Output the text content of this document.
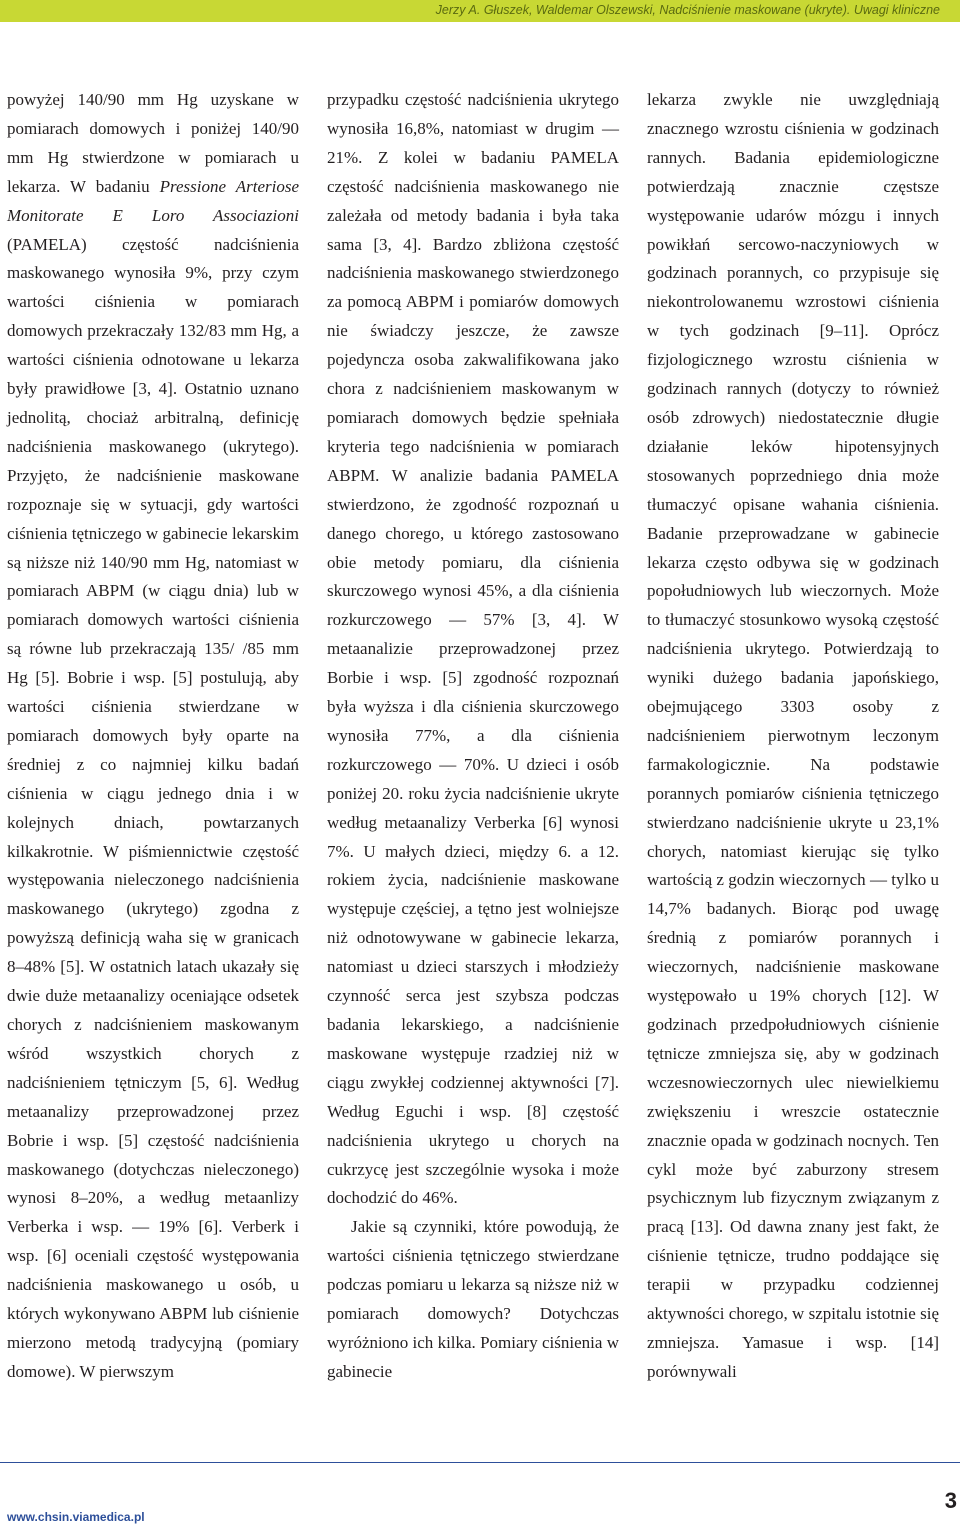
Jerzy A. Głuszek, Waldemar Olszewski, Nadciśnienie maskowane (ukryte). Uwagi kliniczne

powyżej 140/90 mm Hg uzyskane w pomiarach domowych i poniżej 140/90 mm Hg stwierdzone w pomiarach u lekarza. W badaniu Pressione Arteriose Monitorate E Loro Associazioni (PAMELA) częstość nadciśnienia maskowanego wynosiła 9%, przy czym wartości ciśnienia w pomiarach domowych przekraczały 132/83 mm Hg, a wartości ciśnienia odnotowane u lekarza były prawidłowe [3, 4]. Ostatnio uznano jednolitą, chociaż arbitralną, definicję nadciśnienia maskowanego (ukrytego). Przyjęto, że nadciśnienie maskowane rozpoznaje się w sytuacji, gdy wartości ciśnienia tętniczego w gabinecie lekarskim są niższe niż 140/90 mm Hg, natomiast w pomiarach ABPM (w ciągu dnia) lub w pomiarach domowych wartości ciśnienia są równe lub przekraczają 135/ /85 mm Hg [5]. Bobrie i wsp. [5] postulują, aby wartości ciśnienia stwierdzane w pomiarach domowych były oparte na średniej z co najmniej kilku badań ciśnienia w ciągu jednego dnia i w kolejnych dniach, powtarzanych kilkakrotnie. W piśmiennictwie częstość występowania nieleczonego nadciśnienia maskowanego (ukrytego) zgodna z powyższą definicją waha się w granicach 8–48% [5]. W ostatnich latach ukazały się dwie duże metaanalizy oceniające odsetek chorych z nadciśnieniem maskowanym wśród wszystkich chorych z nadciśnieniem tętniczym [5, 6]. Według metaanalizy przeprowadzonej przez Bobrie i wsp. [5] częstość nadciśnienia maskowanego (dotychczas nieleczonego) wynosi 8–20%, a według metaanlizy Verberka i wsp. — 19% [6]. Verberk i wsp. [6] oceniali częstość występowania nadciśnienia maskowanego u osób, u których wykonywano ABPM lub ciśnienie mierzono metodą tradycyjną (pomiary domowe). W pierwszym

przypadku częstość nadciśnienia ukrytego wynosiła 16,8%, natomiast w drugim — 21%. Z kolei w badaniu PAMELA częstość nadciśnienia maskowanego nie zależała od metody badania i była taka sama [3, 4]. Bardzo zbliżona częstość nadciśnienia maskowanego stwierdzonego za pomocą ABPM i pomiarów domowych nie świadczy jeszcze, że zawsze pojedyncza osoba zakwalifikowana jako chora z nadciśnieniem maskowanym w pomiarach domowych będzie spełniała kryteria tego nadciśnienia w pomiarach ABPM. W analizie badania PAMELA stwierdzono, że zgodność rozpoznań u danego chorego, u którego zastosowano obie metody pomiaru, dla ciśnienia skurczowego wynosi 45%, a dla ciśnienia rozkurczowego — 57% [3, 4]. W metaanalizie przeprowadzonej przez Borbie i wsp. [5] zgodność rozpoznań była wyższa i dla ciśnienia skurczowego wynosiła 77%, a dla ciśnienia rozkurczowego — 70%. U dzieci i osób poniżej 20. roku życia nadciśnienie ukryte według metaanalizy Verberka [6] wynosi 7%. U małych dzieci, między 6. a 12. rokiem życia, nadciśnienie maskowane występuje częściej, a tętno jest wolniejsze niż odnotowywane w gabinecie lekarza, natomiast u dzieci starszych i młodzieży czynność serca jest szybsza podczas badania lekarskiego, a nadciśnienie maskowane występuje rzadziej niż w ciągu zwykłej codziennej aktywności [7]. Według Eguchi i wsp. [8] częstość nadciśnienia ukrytego u chorych na cukrzycę jest szczególnie wysoka i może dochodzić do 46%.

Jakie są czynniki, które powodują, że wartości ciśnienia tętniczego stwierdzane podczas pomiaru u lekarza są niższe niż w pomiarach domowych? Dotychczas wyróżniono ich kilka. Pomiary ciśnienia w gabinecie

lekarza zwykle nie uwzględniają znacznego wzrostu ciśnienia w godzinach rannych. Badania epidemiologiczne potwierdzają znacznie częstsze występowanie udarów mózgu i innych powikłań sercowo-naczyniowych w godzinach porannych, co przypisuje się niekontrolowanemu wzrostowi ciśnienia w tych godzinach [9–11]. Oprócz fizjologicznego wzrostu ciśnienia w godzinach rannych (dotyczy to również osób zdrowych) niedostatecznie długie działanie leków hipotensyjnych stosowanych poprzedniego dnia może tłumaczyć opisane wahania ciśnienia. Badanie przeprowadzane w gabinecie lekarza często odbywa się w godzinach popołudniowych lub wieczornych. Może to tłumaczyć stosunkowo wysoką częstość nadciśnienia ukrytego. Potwierdzają to wyniki dużego badania japońskiego, obejmującego 3303 osoby z nadciśnieniem pierwotnym leczonym farmakologicznie. Na podstawie porannych pomiarów ciśnienia tętniczego stwierdzano nadciśnienie ukryte u 23,1% chorych, natomiast kierując się tylko wartością z godzin wieczornych — tylko u 14,7% badanych. Biorąc pod uwagę średnią z pomiarów porannych i wieczornych, nadciśnienie maskowane występowało u 19% chorych [12]. W godzinach przedpołudniowych ciśnienie tętnicze zmniejsza się, aby w godzinach wczesnowieczornych ulec niewielkiemu zwiększeniu i wreszcie ostatecznie znacznie opada w godzinach nocnych. Ten cykl może być zaburzony stresem psychicznym lub fizycznym związanym z pracą [13]. Od dawna znany jest fakt, że ciśnienie tętnicze, trudno poddające się terapii w przypadku codziennej aktywności chorego, w szpitalu istotnie się zmniejsza. Yamasue i wsp. [14] porównywali

www.chsin.viamedica.pl
3
